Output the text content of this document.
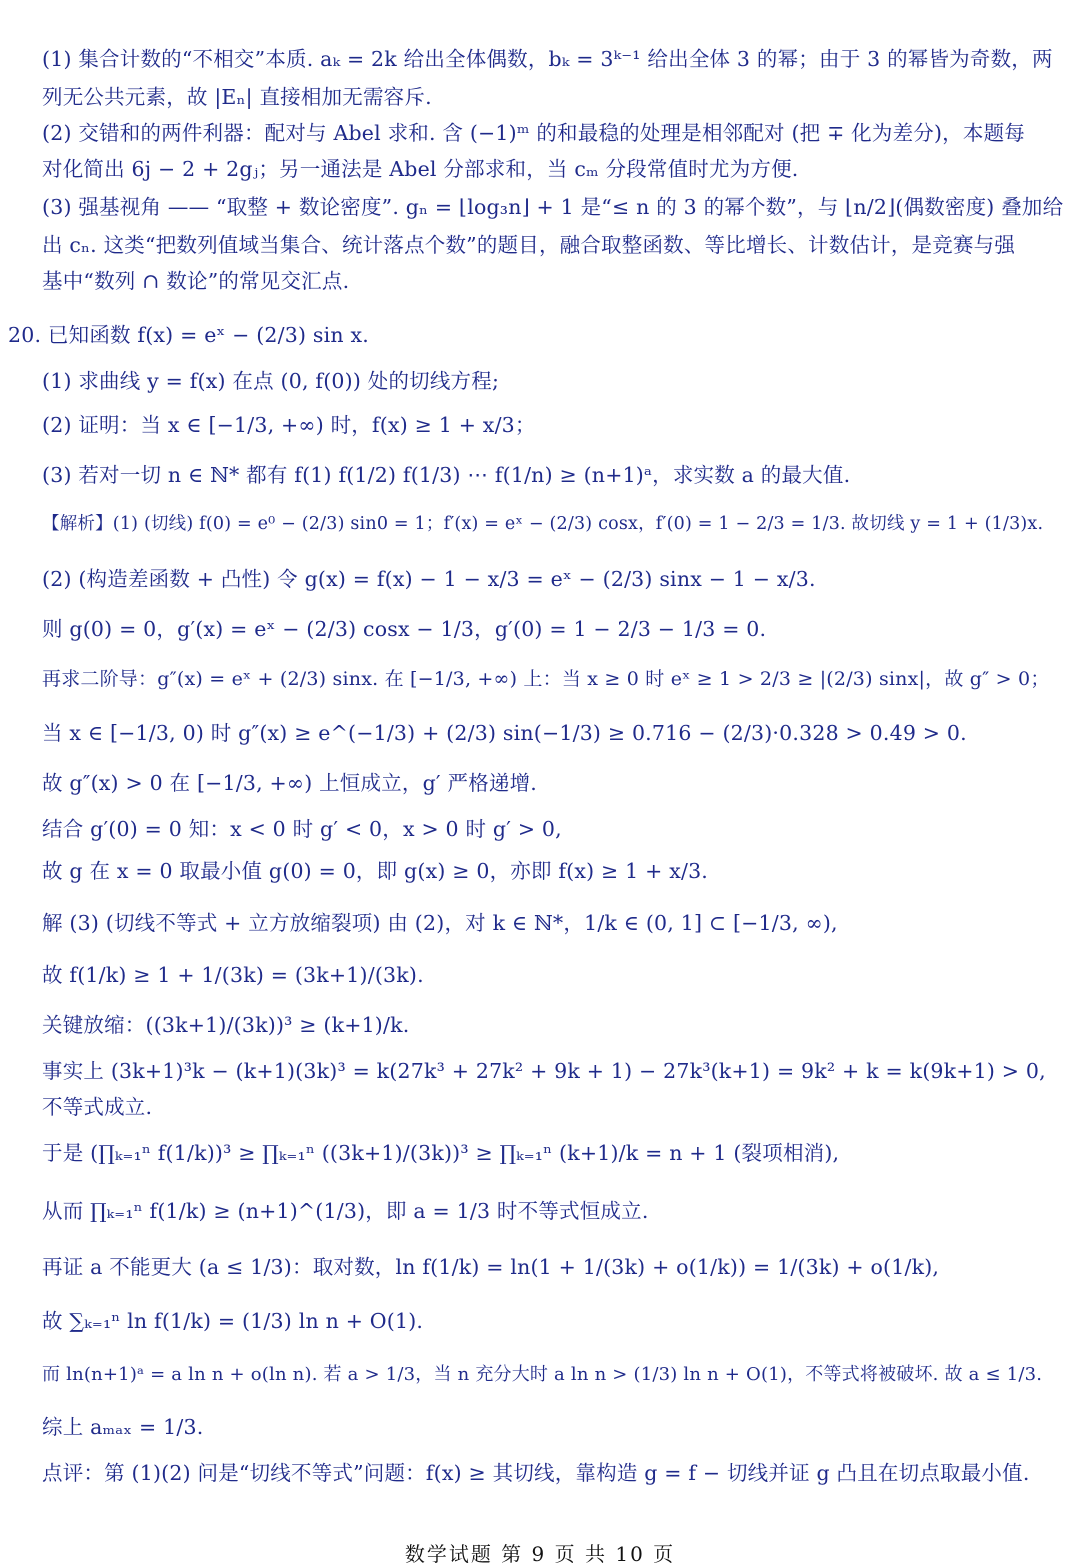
(1) 集合计数的“不相交”本质. aₖ = 2k 给出全体偶数，bₖ = 3ᵏ⁻¹ 给出全体 3 的幂；由于 3 的幂皆为奇数，两
列无公共元素，故 |Eₙ| 直接相加无需容斥.
(2) 交错和的两件利器：配对与 Abel 求和. 含 (−1)ᵐ 的和最稳的处理是相邻配对 (把 ∓ 化为差分)，本题每
对化简出 6j − 2 + 2gⱼ；另一通法是 Abel 分部求和，当 cₘ 分段常值时尤为方便.
(3) 强基视角 —— “取整 + 数论密度”. gₙ = ⌊log₃n⌋ + 1 是“≤ n 的 3 的幂个数”，与 ⌊n/2⌋(偶数密度) 叠加给
出 cₙ. 这类“把数列值域当集合、统计落点个数”的题目，融合取整函数、等比增长、计数估计，是竞赛与强
基中“数列 ∩ 数论”的常见交汇点.
20. 已知函数 f(x) = eˣ − (2/3) sin x.
(1) 求曲线 y = f(x) 在点 (0, f(0)) 处的切线方程;
(2) 证明：当 x ∈ [−1/3, +∞) 时，f(x) ≥ 1 + x/3；
(3) 若对一切 n ∈ ℕ* 都有 f(1) f(1/2) f(1/3) ⋯ f(1/n) ≥ (n+1)ᵃ，求实数 a 的最大值.
【解析】(1) (切线) f(0) = e⁰ − (2/3) sin0 = 1；f′(x) = eˣ − (2/3) cosx，f′(0) = 1 − 2/3 = 1/3. 故切线 y = 1 + (1/3)x.
(2) (构造差函数 + 凸性) 令 g(x) = f(x) − 1 − x/3 = eˣ − (2/3) sinx − 1 − x/3.
则 g(0) = 0，g′(x) = eˣ − (2/3) cosx − 1/3，g′(0) = 1 − 2/3 − 1/3 = 0.
再求二阶导：g″(x) = eˣ + (2/3) sinx. 在 [−1/3, +∞) 上：当 x ≥ 0 时 eˣ ≥ 1 > 2/3 ≥ |(2/3) sinx|，故 g″ > 0；
当 x ∈ [−1/3, 0) 时 g″(x) ≥ e^(−1/3) + (2/3) sin(−1/3) ≥ 0.716 − (2/3)·0.328 > 0.49 > 0.
故 g″(x) > 0 在 [−1/3, +∞) 上恒成立，g′ 严格递增.
结合 g′(0) = 0 知：x < 0 时 g′ < 0，x > 0 时 g′ > 0,
故 g 在 x = 0 取最小值 g(0) = 0，即 g(x) ≥ 0，亦即 f(x) ≥ 1 + x/3.
解 (3) (切线不等式 + 立方放缩裂项) 由 (2)，对 k ∈ ℕ*，1/k ∈ (0, 1] ⊂ [−1/3, ∞),
故 f(1/k) ≥ 1 + 1/(3k) = (3k+1)/(3k).
关键放缩：((3k+1)/(3k))³ ≥ (k+1)/k.
事实上 (3k+1)³k − (k+1)(3k)³ = k(27k³ + 27k² + 9k + 1) − 27k³(k+1) = 9k² + k = k(9k+1) > 0,
不等式成立.
于是 (∏ₖ₌₁ⁿ f(1/k))³ ≥ ∏ₖ₌₁ⁿ ((3k+1)/(3k))³ ≥ ∏ₖ₌₁ⁿ (k+1)/k = n + 1 (裂项相消),
从而 ∏ₖ₌₁ⁿ f(1/k) ≥ (n+1)^(1/3)，即 a = 1/3 时不等式恒成立.
再证 a 不能更大 (a ≤ 1/3)：取对数，ln f(1/k) = ln(1 + 1/(3k) + o(1/k)) = 1/(3k) + o(1/k),
故 ∑ₖ₌₁ⁿ ln f(1/k) = (1/3) ln n + O(1).
而 ln(n+1)ᵃ = a ln n + o(ln n). 若 a > 1/3，当 n 充分大时 a ln n > (1/3) ln n + O(1)，不等式将被破坏. 故 a ≤ 1/3.
综上 aₘₐₓ = 1/3.
点评：第 (1)(2) 问是“切线不等式”问题：f(x) ≥ 其切线，靠构造 g = f − 切线并证 g 凸且在切点取最小值.
数学试题 第 9 页 共 10 页
